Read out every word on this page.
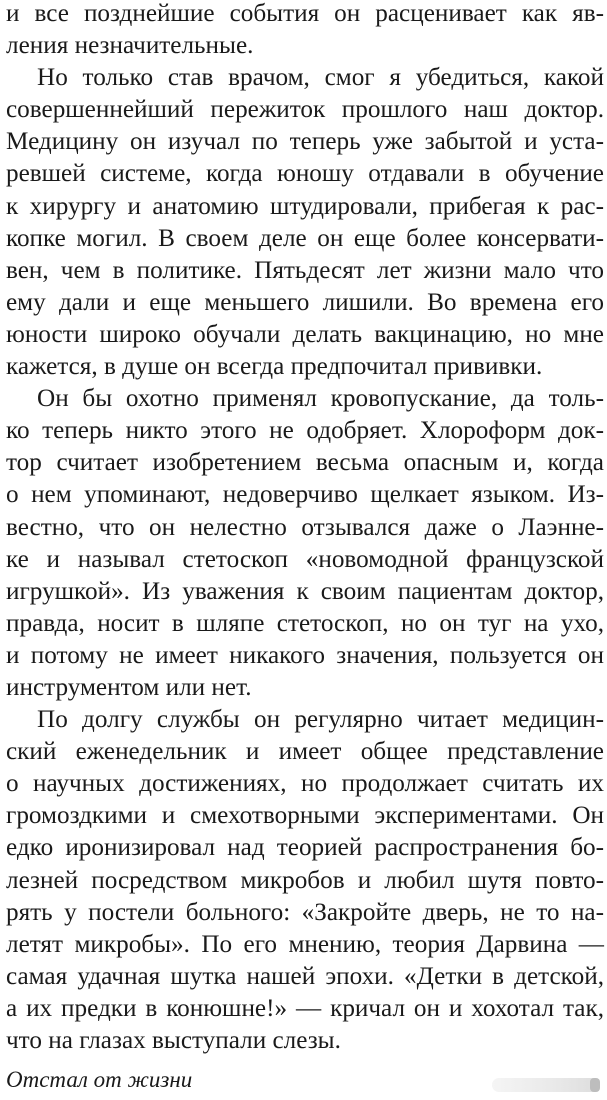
и все позднейшие события он расценивает как яв-
ления незначительные.
Но только став врачом, смог я убедиться, какой
совершеннейший пережиток прошлого наш доктор.
Медицину он изучал по теперь уже забытой и уста-
ревшей системе, когда юношу отдавали в обучение
к хирургу и анатомию штудировали, прибегая к рас-
копке могил. В своем деле он еще более консервати-
вен, чем в политике. Пятьдесят лет жизни мало что
ему дали и еще меньшего лишили. Во времена его
юности широко обучали делать вакцинацию, но мне
кажется, в душе он всегда предпочитал прививки.
Он бы охотно применял кровопускание, да толь-
ко теперь никто этого не одобряет. Хлороформ док-
тор считает изобретением весьма опасным и, когда
о нем упоминают, недоверчиво щелкает языком. Из-
вестно, что он нелестно отзывался даже о Лаэнне-
ке и называл стетоскоп «новомодной французской
игрушкой». Из уважения к своим пациентам доктор,
правда, носит в шляпе стетоскоп, но он туг на ухо,
и потому не имеет никакого значения, пользуется он
инструментом или нет.
По долгу службы он регулярно читает медицин-
ский еженедельник и имеет общее представление
о научных достижениях, но продолжает считать их
громоздкими и смехотворными экспериментами. Он
едко иронизировал над теорией распространения бо-
лезней посредством микробов и любил шутя повто-
рять у постели больного: «Закройте дверь, не то на-
летят микробы». По его мнению, теория Дарвина —
самая удачная шутка нашей эпохи. «Детки в детской,
а их предки в конюшне!» — кричал он и хохотал так,
что на глазах выступали слезы.
Отстал от жизни
